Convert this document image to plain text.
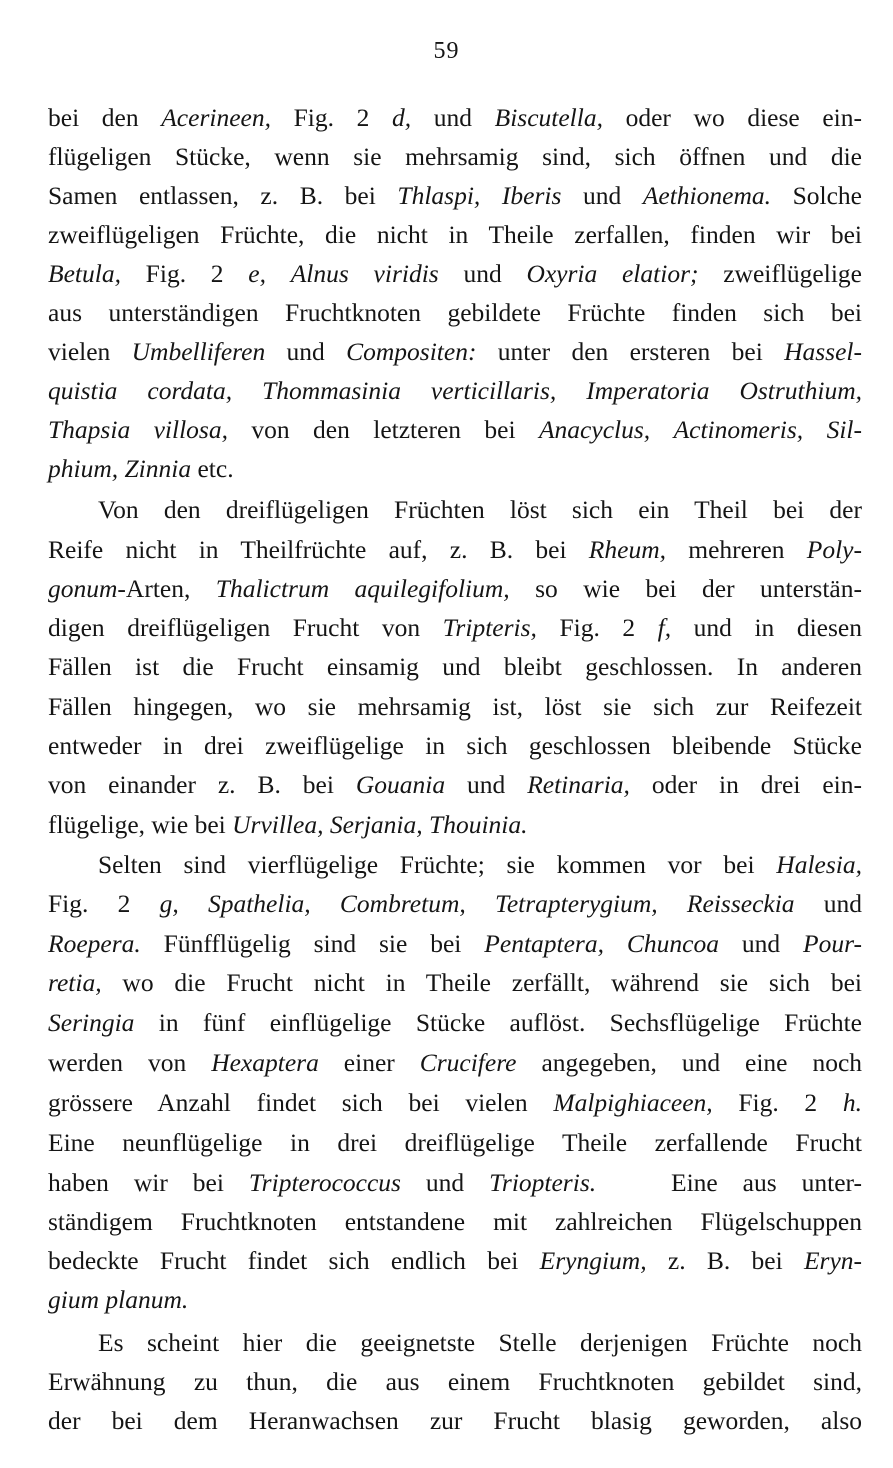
59
bei den Acerineen, Fig. 2 d, und Biscutella, oder wo diese ein-
flügeligen Stücke, wenn sie mehrsamig sind, sich öffnen und die
Samen entlassen, z. B. bei Thlaspi, Iberis und Aethionema. Solche
zweiflügeligen Früchte, die nicht in Theile zerfallen, finden wir bei
Betula, Fig. 2 e, Alnus viridis und Oxyria elatior; zweiflügelige
aus unterständigen Fruchtknoten gebildete Früchte finden sich bei
vielen Umbelliferen und Compositen: unter den ersteren bei Hassel-
quistia cordata, Thommasinia verticillaris, Imperatoria Ostruthium,
Thapsia villosa, von den letzteren bei Anacyclus, Actinomeris, Sil-
phium, Zinnia etc.
Von den dreiflügeligen Früchten löst sich ein Theil bei der
Reife nicht in Theilfrüchte auf, z. B. bei Rheum, mehreren Poly-
gonum-Arten, Thalictrum aquilegifolium, so wie bei der unterstän-
digen dreiflügeligen Frucht von Tripteris, Fig. 2 f, und in diesen
Fällen ist die Frucht einsamig und bleibt geschlossen. In anderen
Fällen hingegen, wo sie mehrsamig ist, löst sie sich zur Reifezeit
entweder in drei zweiflügelige in sich geschlossen bleibende Stücke
von einander z. B. bei Gouania und Retinaria, oder in drei ein-
flügelige, wie bei Urvillea, Serjania, Thouinia.
Selten sind vierflügelige Früchte; sie kommen vor bei Halesia,
Fig. 2 g, Spathelia, Combretum, Tetrapterygium, Reisseckia und
Roepera. Fünfflügelig sind sie bei Pentaptera, Chuncoa und Pour-
retia, wo die Frucht nicht in Theile zerfällt, während sie sich bei
Seringia in fünf einflügelige Stücke auflöst. Sechsflügelige Früchte
werden von Hexaptera einer Crucifere angegeben, und eine noch
grössere Anzahl findet sich bei vielen Malpighiaceen, Fig. 2 h.
Eine neunflügelige in drei dreiflügelige Theile zerfallende Frucht
haben wir bei Tripterococcus und Triopteris.   Eine aus unter-
ständigem Fruchtknoten entstandene mit zahlreichen Flügelschuppen
bedeckte Frucht findet sich endlich bei Eryngium, z. B. bei Eryn-
gium planum.
Es scheint hier die geeignetste Stelle derjenigen Früchte noch
Erwähnung zu thun, die aus einem Fruchtknoten gebildet sind,
der bei dem Heranwachsen zur Frucht blasig geworden, also
